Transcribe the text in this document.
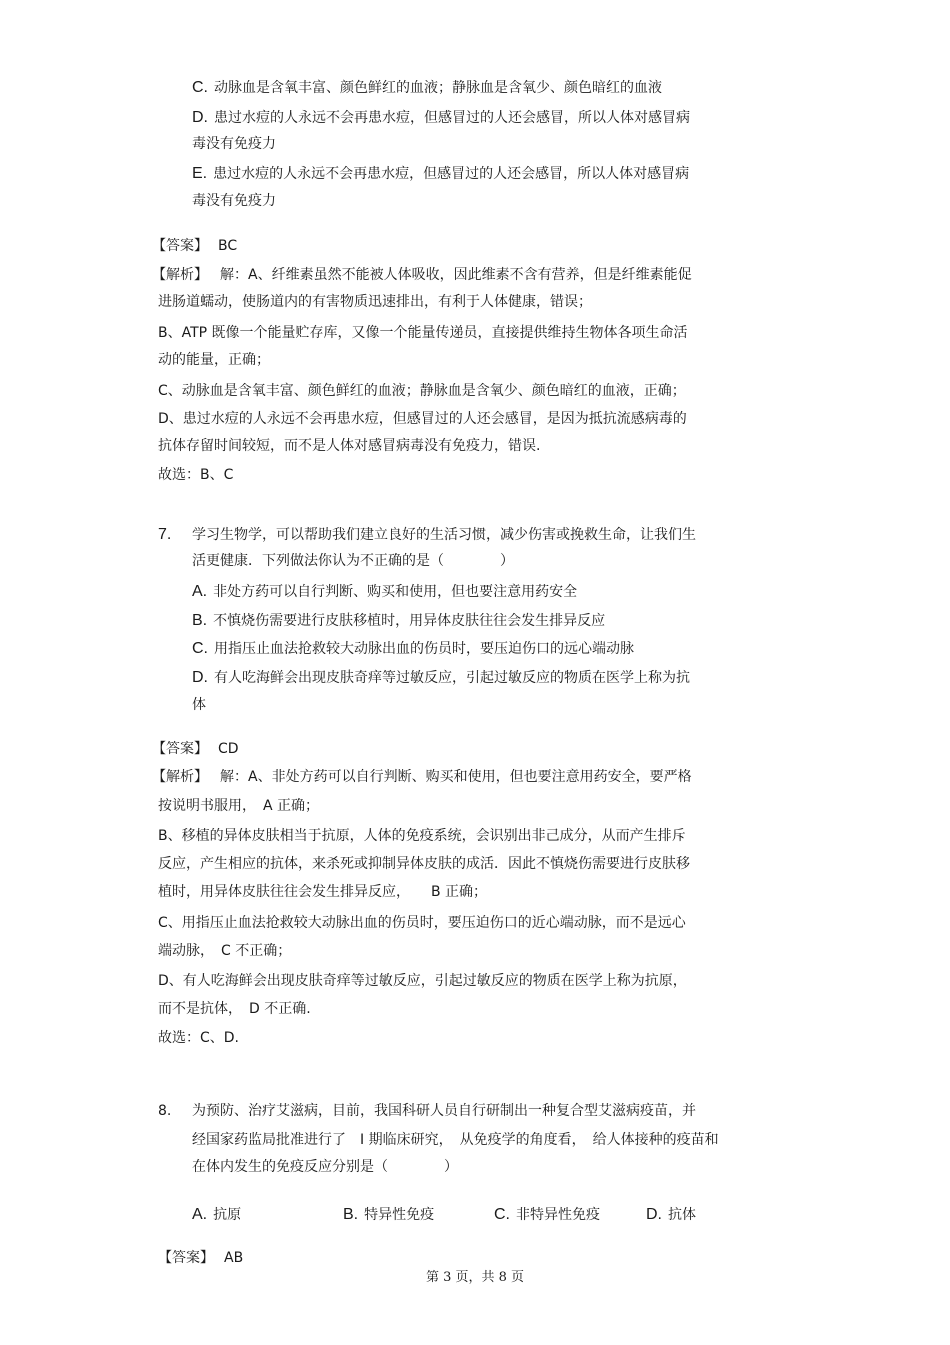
C. 动脉血是含氧丰富、颜色鲜红的血液；静脉血是含氧少、颜色暗红的血液
D. 患过水痘的人永远不会再患水痘，但感冒过的人还会感冒，所以人体对感冒病
毒没有免疫力
E. 患过水痘的人永远不会再患水痘，但感冒过的人还会感冒，所以人体对感冒病
毒没有免疫力
【答案】 BC
【解析】 解：A、纤维素虽然不能被人体吸收，因此维素不含有营养，但是纤维素能促
进肠道蠕动，使肠道内的有害物质迅速排出，有利于人体健康，错误；
B、ATP 既像一个能量贮存库，又像一个能量传递员，直接提供维持生物体各项生命活
动的能量，正确；
C、动脉血是含氧丰富、颜色鲜红的血液；静脉血是含氧少、颜色暗红的血液，正确；
D、患过水痘的人永远不会再患水痘，但感冒过的人还会感冒，是因为抵抗流感病毒的
抗体存留时间较短，而不是人体对感冒病毒没有免疫力，错误.
故选：B、C
7. 学习生物学，可以帮助我们建立良好的生活习惯，减少伤害或挽救生命，让我们生
活更健康．下列做法你认为不正确的是（　　　　）
A. 非处方药可以自行判断、购买和使用，但也要注意用药安全
B. 不慎烧伤需要进行皮肤移植时，用异体皮肤往往会发生排异反应
C. 用指压止血法抢救较大动脉出血的伤员时，要压迫伤口的远心端动脉
D. 有人吃海鲜会出现皮肤奇痒等过敏反应，引起过敏反应的物质在医学上称为抗
体
【答案】 CD
【解析】 解：A、非处方药可以自行判断、购买和使用，但也要注意用药安全，要严格
按说明书服用，　A 正确；
B、移植的异体皮肤相当于抗原，人体的免疫系统，会识别出非己成分，从而产生排斥
反应，产生相应的抗体，来杀死或抑制异体皮肤的成活．因此不慎烧伤需要进行皮肤移
植时，用异体皮肤往往会发生排异反应，　　B 正确；
C、用指压止血法抢救较大动脉出血的伤员时，要压迫伤口的近心端动脉，而不是远心
端动脉，　C 不正确；
D、有人吃海鲜会出现皮肤奇痒等过敏反应，引起过敏反应的物质在医学上称为抗原，
而不是抗体，　D 不正确.
故选：C、D.
8. 为预防、治疗艾滋病，目前，我国科研人员自行研制出一种复合型艾滋病疫苗，并
经国家药监局批准进行了　Ⅰ 期临床研究，　从免疫学的角度看，　给人体接种的疫苗和
在体内发生的免疫反应分别是（　　　　）
A. 抗原	B. 特异性免疫	C. 非特异性免疫	D. 抗体
【答案】 AB
第 3 页，共 8 页
